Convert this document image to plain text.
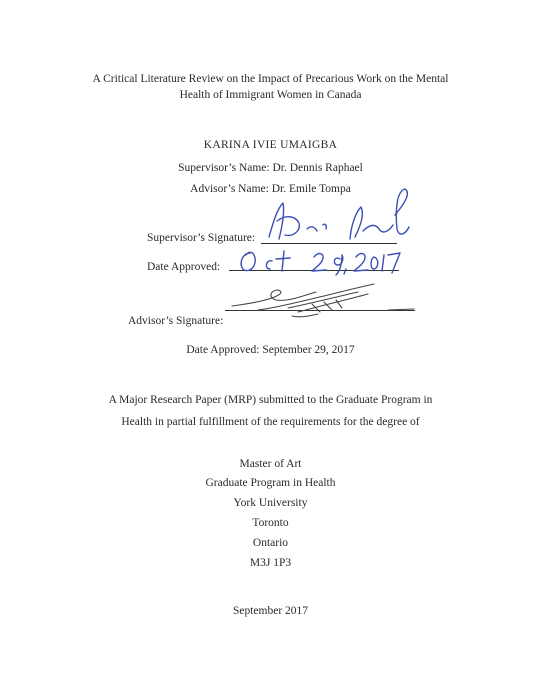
A Critical Literature Review on the Impact of Precarious Work on the Mental
Health of Immigrant Women in Canada
KARINA IVIE UMAIGBA
Supervisor’s Name: Dr. Dennis Raphael
Advisor’s Name: Dr. Emile Tompa
Supervisor’s Signature:
Date Approved:
Advisor’s Signature:
Date Approved: September 29, 2017
A Major Research Paper (MRP) submitted to the Graduate Program in
Health in partial fulfillment of the requirements for the degree of
Master of Art
Graduate Program in Health
York University
Toronto
Ontario
M3J 1P3
September 2017
